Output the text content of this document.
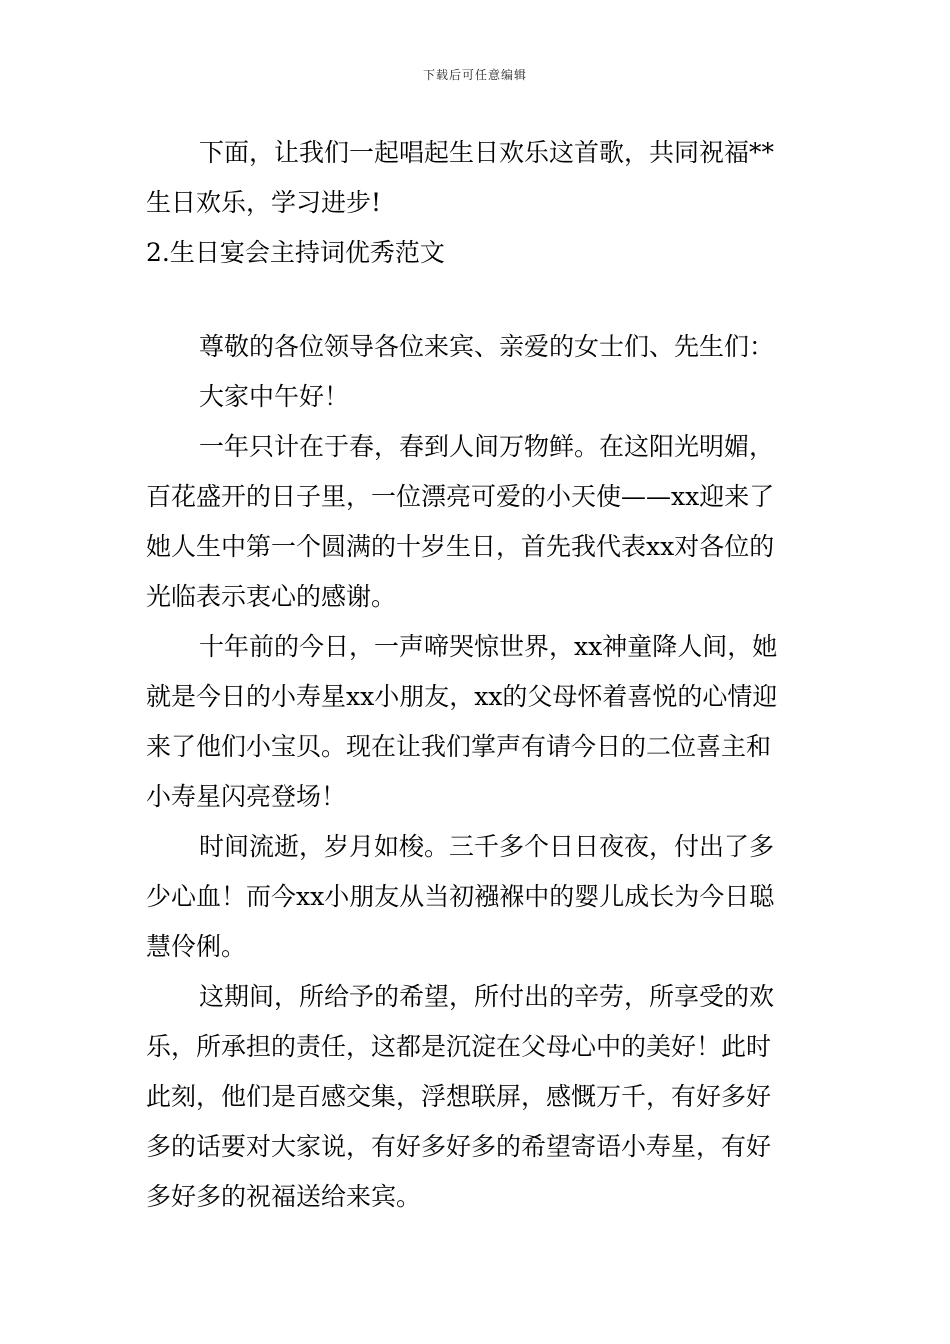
下载后可任意编辑
下面，让我们一起唱起生日欢乐这首歌，共同祝福**
生日欢乐，学习进步!
2.生日宴会主持词优秀范文
尊敬的各位领导各位来宾、亲爱的女士们、先生们：
大家中午好！
一年只计在于春，春到人间万物鲜。在这阳光明媚，
百花盛开的日子里，一位漂亮可爱的小天使——xx迎来了
她人生中第一个圆满的十岁生日，首先我代表xx对各位的
光临表示衷心的感谢。
十年前的今日，一声啼哭惊世界，xx神童降人间，她
就是今日的小寿星xx小朋友，xx的父母怀着喜悦的心情迎
来了他们小宝贝。现在让我们掌声有请今日的二位喜主和
小寿星闪亮登场！
时间流逝，岁月如梭。三千多个日日夜夜，付出了多
少心血！而今xx小朋友从当初襁褓中的婴儿成长为今日聪
慧伶俐。
这期间，所给予的希望，所付出的辛劳，所享受的欢
乐，所承担的责任，这都是沉淀在父母心中的美好！此时
此刻，他们是百感交集，浮想联屏，感慨万千，有好多好
多的话要对大家说，有好多好多的希望寄语小寿星，有好
多好多的祝福送给来宾。
